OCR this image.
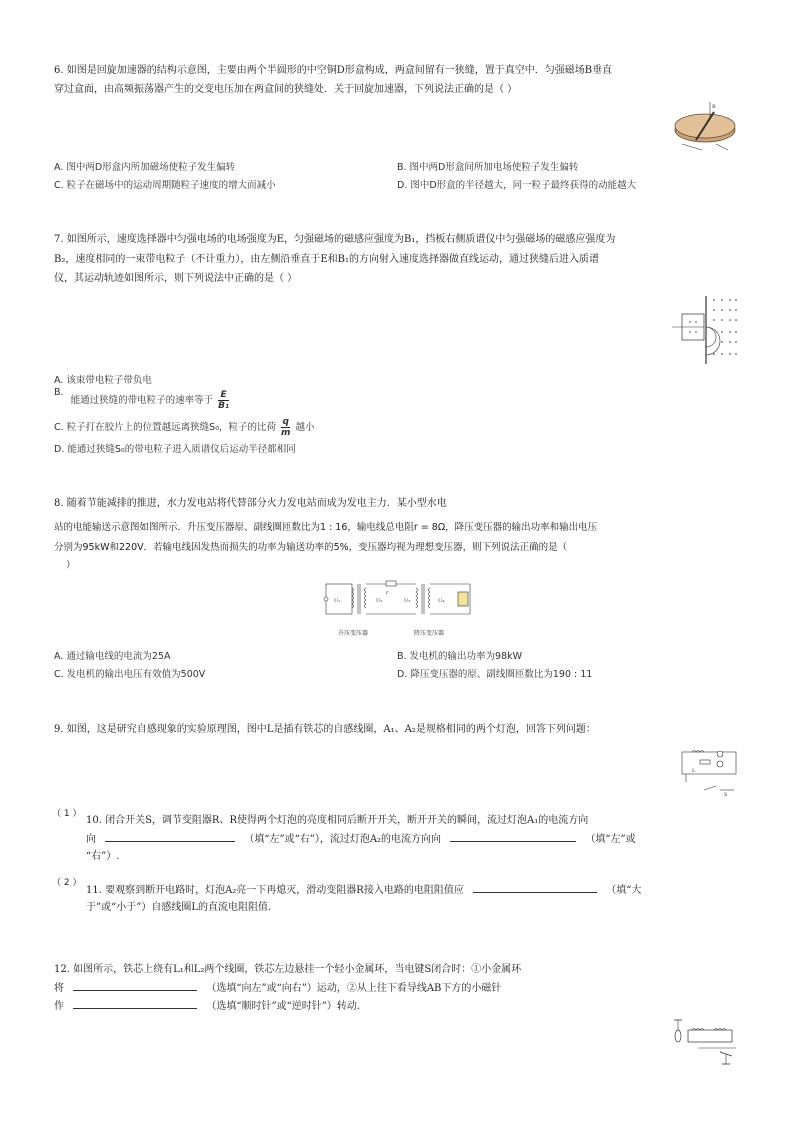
6. 如图是回旋加速器的结构示意图，主要由两个半圆形的中空铜D形盒构成，两盒间留有一狭缝，置于真空中．匀强磁场B垂直
穿过盒面，由高频振荡器产生的交变电压加在两盒间的狭缝处．关于回旋加速器，下列说法正确的是（ ）
B
A. 图中两D形盒内所加磁场使粒子发生偏转	B. 图中两D形盒间所加电场使粒子发生偏转
C. 粒子在磁场中的运动周期随粒子速度的增大而减小	D. 图中D形盒的半径越大，同一粒子最终获得的动能越大
7. 如图所示，速度选择器中匀强电场的电场强度为E，匀强磁场的磁感应强度为B₁，挡板右侧质谱仪中匀强磁场的磁感应强度为
B₂，速度相同的一束带电粒子（不计重力），由左侧沿垂直于E和B₁的方向射入速度选择器做直线运动，通过狭缝后进入质谱
仪，其运动轨迹如图所示，则下列说法中正确的是（ ）
A. 该束带电粒子带负电
B. 能通过狭缝的带电粒子的速率等于 $\frac{E}{\text{B₁}}$
C. 粒子打在胶片上的位置越远离狭缝S₀，粒子的比荷 $\frac{q}{m}$ 越小
D. 能通过狭缝S₀的带电粒子进入质谱仪后运动半径都相同
8. 随着节能减排的推进，水力发电站将代替部分火力发电站而成为发电主力．某小型水电
站的电能输送示意图如图所示．升压变压器原、副线圈匝数比为1 : 16，输电线总电阻r = 8Ω，降压变压器的输出功率和输出电压
分别为95kW和220V．若输电线因发热而损失的功率为输送功率的5%，变压器均视为理想变压器，则下列说法正确的是（
）
r
U₁	U₂	U₃	U₄
升压变压器	降压变压器
A. 通过输电线的电流为25A	B. 发电机的输出功率为98kW
C. 发电机的输出电压有效值为500V	D. 降压变压器的原、副线圈匝数比为190 : 11
9. 如图，这是研究自感现象的实验原理图，图中L是插有铁芯的自感线圈，A₁、A₂是规格相同的两个灯泡，回答下列问题：
L
S
（ 1 ）
10. 闭合开关S，调节变阻器R、R使得两个灯泡的亮度相同后断开开关，断开开关的瞬间，流过灯泡A₁的电流方向
向	（填“左”或“右”），流过灯泡A₂的电流方向向	（填“左”或
“右”）.
（ 2 ）
11. 要观察到断开电路时，灯泡A₂亮一下再熄灭，滑动变阻器R接入电路的电阻阻值应	（填“大
于”或“小于”）自感线圈L的直流电阻阻值.
12. 如图所示，铁芯上绕有L₁和L₂两个线圈，铁芯左边悬挂一个轻小金属环，当电键S闭合时：①小金属环
将	（选填“向左”或“向右”）运动，②从上往下看导线AB下方的小磁针
作	（选填“顺时针”或“逆时针”）转动.
